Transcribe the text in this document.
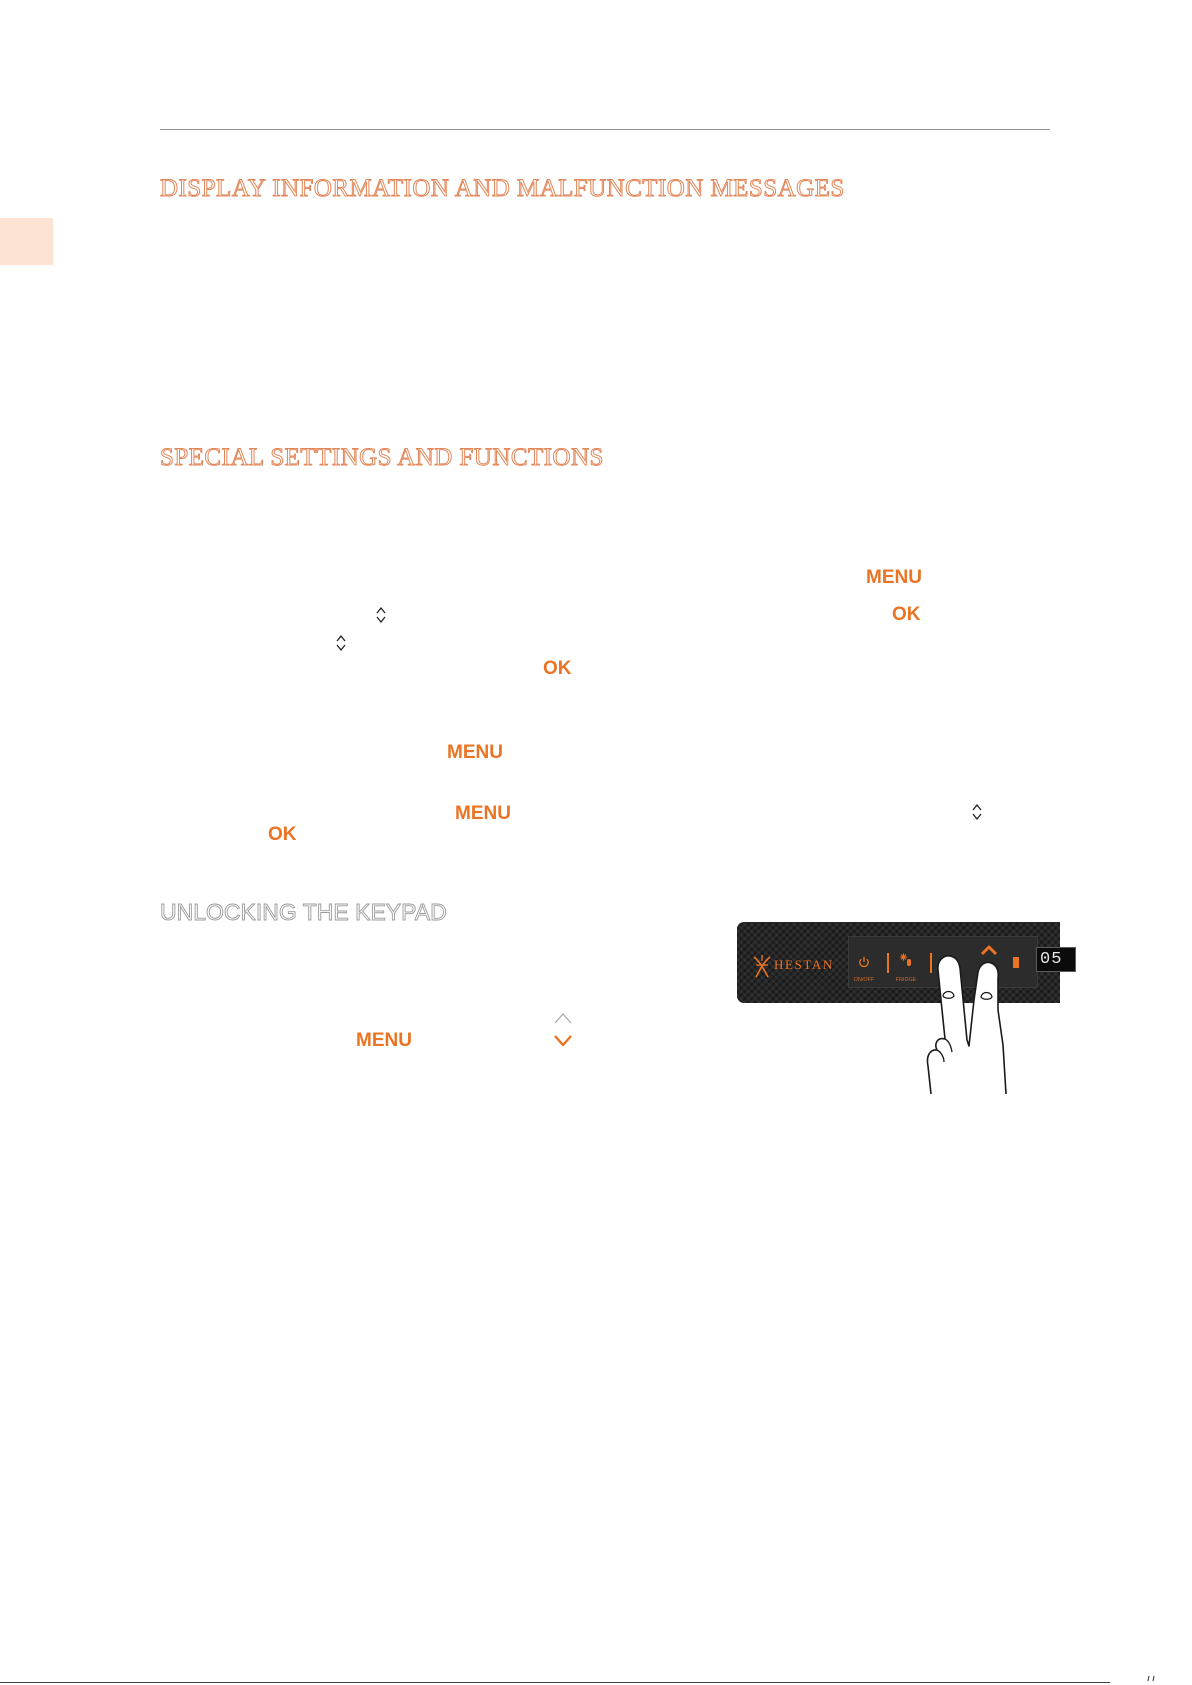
DISPLAY INFORMATION AND MALFUNCTION MESSAGES
SPECIAL SETTINGS AND FUNCTIONS
MENU
OK
OK
MENU
MENU
OK
UNLOCKING THE KEYPAD
MENU
HESTAN
ON/OFF	FRIDGE
05
